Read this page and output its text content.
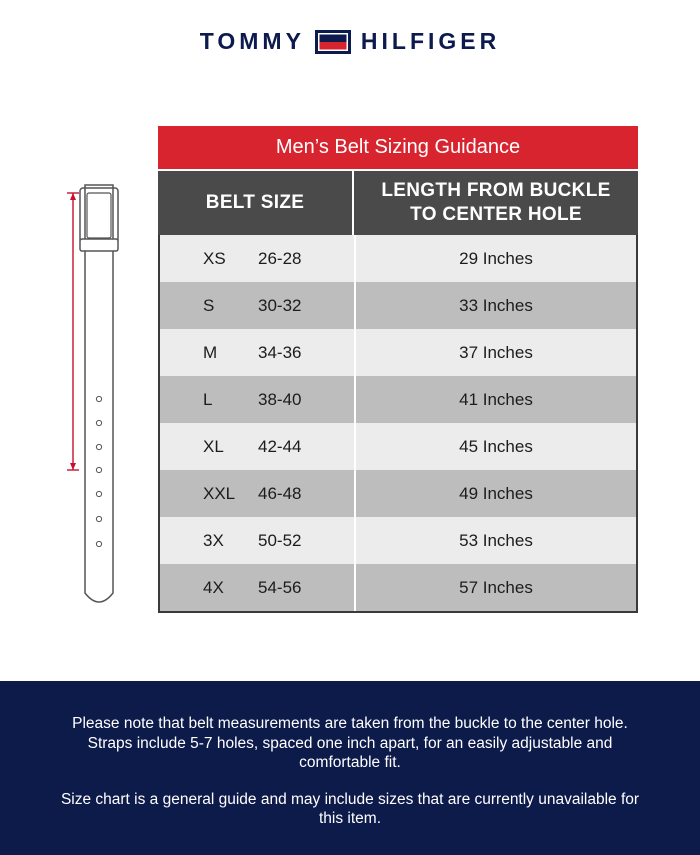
TOMMY HILFIGER
Men’s Belt Sizing Guidance
BELT SIZE
LENGTH FROM BUCKLE TO CENTER HOLE
XS	26-28	29 Inches
S	30-32	33 Inches
M	34-36	37 Inches
L	38-40	41 Inches
XL	42-44	45 Inches
XXL	46-48	49 Inches
3X	50-52	53 Inches
4X	54-56	57 Inches
Please note that belt measurements are taken from the buckle to the center hole. Straps include 5-7 holes, spaced one inch apart, for an easily adjustable and comfortable fit.
Size chart is a general guide and may include sizes that are currently unavailable for this item.
